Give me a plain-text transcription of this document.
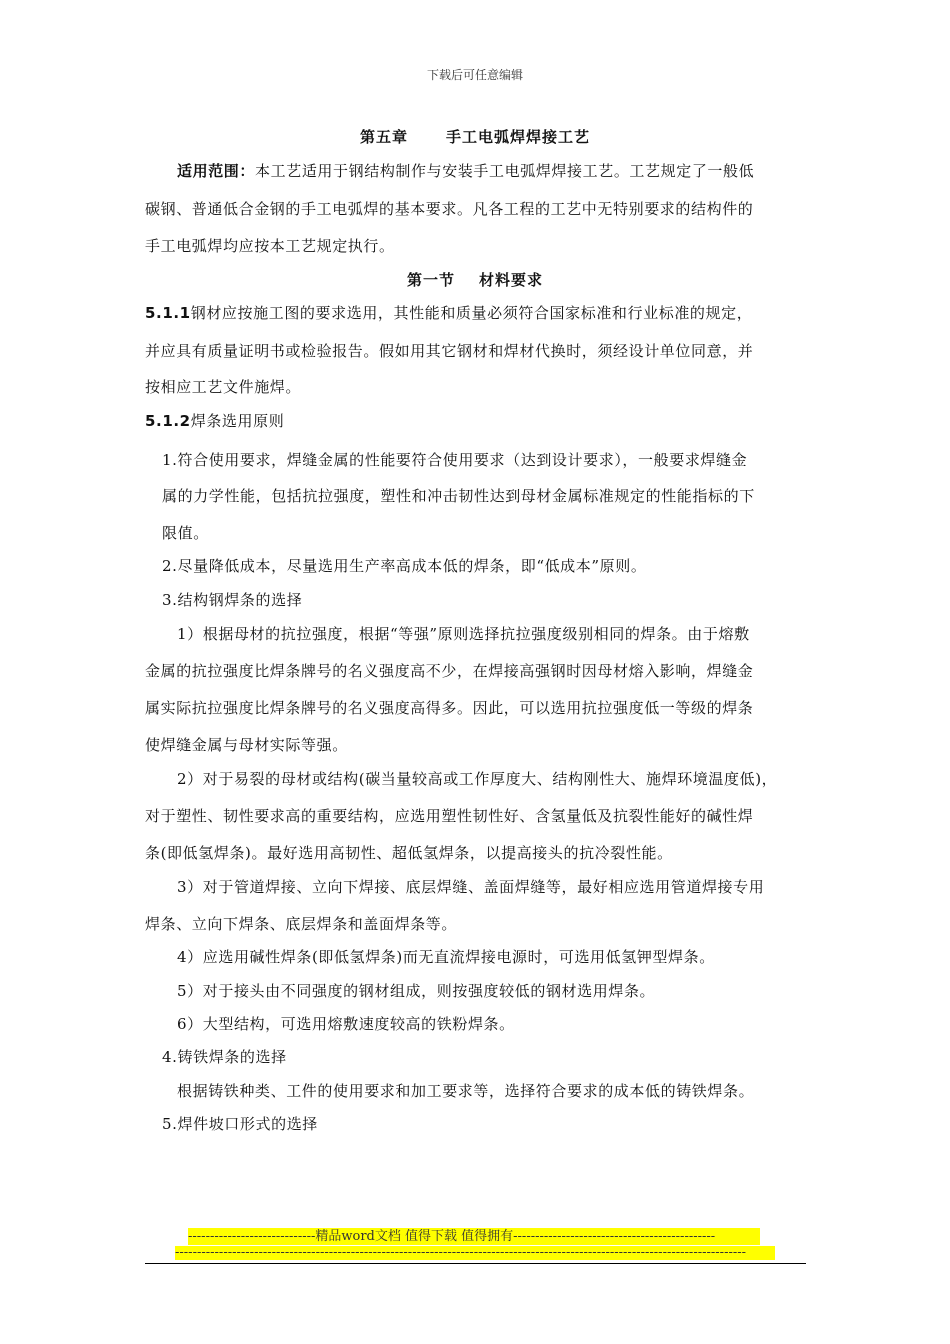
下载后可任意编辑
第五章	手工电弧焊焊接工艺
适用范围：本工艺适用于钢结构制作与安装手工电弧焊焊接工艺。工艺规定了一般低
碳钢、普通低合金钢的手工电弧焊的基本要求。凡各工程的工艺中无特别要求的结构件的
手工电弧焊均应按本工艺规定执行。
第一节 材料要求
5.1.1钢材应按施工图的要求选用，其性能和质量必须符合国家标准和行业标准的规定，
并应具有质量证明书或检验报告。假如用其它钢材和焊材代换时，须经设计单位同意，并
按相应工艺文件施焊。
5.1.2焊条选用原则
1.符合使用要求，焊缝金属的性能要符合使用要求（达到设计要求），一般要求焊缝金
属的力学性能，包括抗拉强度，塑性和冲击韧性达到母材金属标准规定的性能指标的下
限值。
2.尽量降低成本，尽量选用生产率高成本低的焊条，即“低成本”原则。
3.结构钢焊条的选择
1）根据母材的抗拉强度，根据“等强”原则选择抗拉强度级别相同的焊条。由于熔敷
金属的抗拉强度比焊条牌号的名义强度高不少，在焊接高强钢时因母材熔入影响，焊缝金
属实际抗拉强度比焊条牌号的名义强度高得多。因此，可以选用抗拉强度低一等级的焊条
使焊缝金属与母材实际等强。
2）对于易裂的母材或结构(碳当量较高或工作厚度大、结构刚性大、施焊环境温度低)，
对于塑性、韧性要求高的重要结构，应选用塑性韧性好、含氢量低及抗裂性能好的碱性焊
条(即低氢焊条)。最好选用高韧性、超低氢焊条，以提高接头的抗冷裂性能。
3）对于管道焊接、立向下焊接、底层焊缝、盖面焊缝等，最好相应选用管道焊接专用
焊条、立向下焊条、底层焊条和盖面焊条等。
4）应选用碱性焊条(即低氢焊条)而无直流焊接电源时，可选用低氢钾型焊条。
5）对于接头由不同强度的钢材组成，则按强度较低的钢材选用焊条。
6）大型结构，可选用熔敷速度较高的铁粉焊条。
4.铸铁焊条的选择
根据铸铁种类、工件的使用要求和加工要求等，选择符合要求的成本低的铸铁焊条。
5.焊件坡口形式的选择
-----------------------------精品word文档 值得下载 值得拥有----------------------------------------------
----------------------------------------------------------------------------------------------------------------------------------
